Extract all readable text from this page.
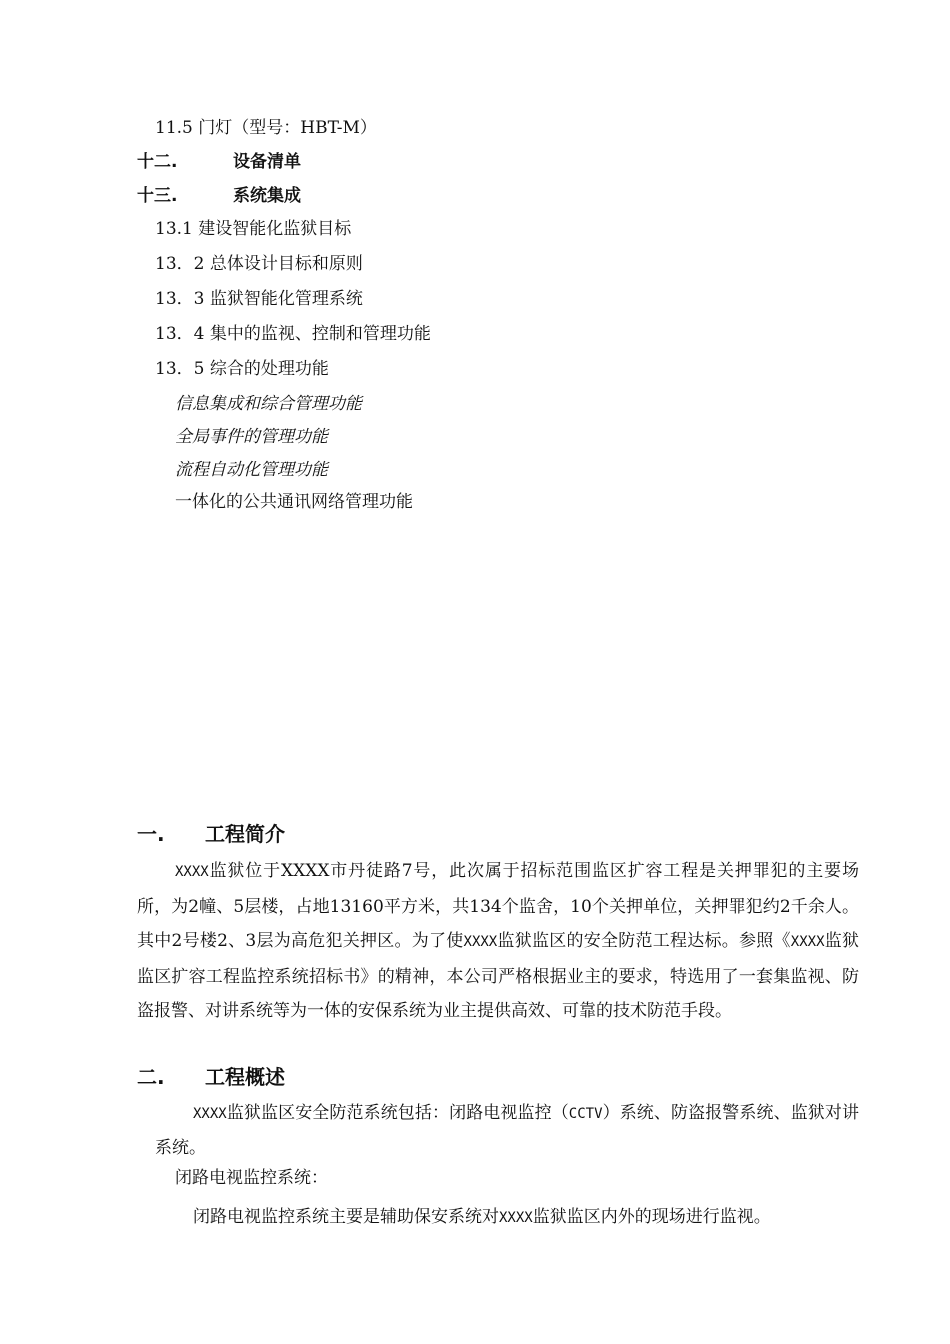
11.5 门灯（型号：HBT-M）
十二.	设备清单
十三.	系统集成
13.1 建设智能化监狱目标
13．2 总体设计目标和原则
13．3 监狱智能化管理系统
13．4 集中的监视、控制和管理功能
13．5 综合的处理功能
信息集成和综合管理功能
全局事件的管理功能
流程自动化管理功能
一体化的公共通讯网络管理功能
一. 工程简介
XXXX监狱位于XXXX市丹徒路7号，此次属于招标范围监区扩容工程是关押罪犯的主要场所，为2幢、5层楼，占地13160平方米，共134个监舍，10个关押单位，关押罪犯约2千余人。其中2号楼2、3层为高危犯关押区。为了使XXXX监狱监区的安全防范工程达标。参照《XXXX监狱监区扩容工程监控系统招标书》的精神，本公司严格根据业主的要求，特选用了一套集监视、防盗报警、对讲系统等为一体的安保系统为业主提供高效、可靠的技术防范手段。
二. 工程概述
XXXX监狱监区安全防范系统包括：闭路电视监控（CCTV）系统、防盗报警系统、监狱对讲系统。
闭路电视监控系统：
闭路电视监控系统主要是辅助保安系统对XXXX监狱监区内外的现场进行监视。
